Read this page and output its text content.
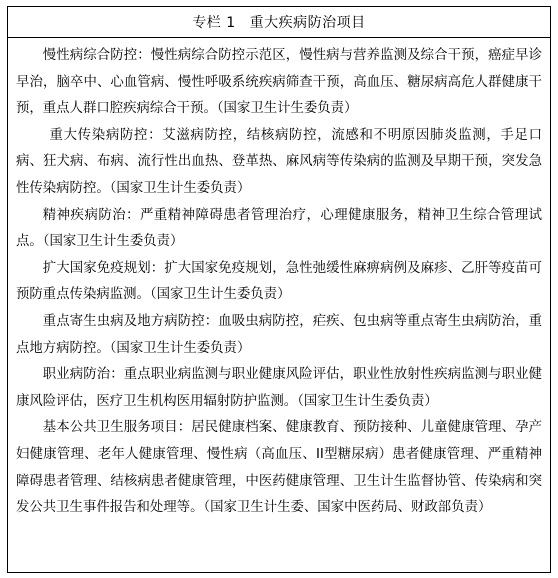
专栏 1 重大疾病防治项目

慢性病综合防控：慢性病综合防控示范区，慢性病与营养监测及综合干预，癌症早诊早治，脑卒中、心血管病、慢性呼吸系统疾病筛查干预，高血压、糖尿病高危人群健康干预，重点人群口腔疾病综合干预。（国家卫生计生委负责）

重大传染病防控：艾滋病防控，结核病防控，流感和不明原因肺炎监测，手足口病、狂犬病、布病、流行性出血热、登革热、麻风病等传染病的监测及早期干预，突发急性传染病防控。（国家卫生计生委负责）

精神疾病防治：严重精神障碍患者管理治疗，心理健康服务，精神卫生综合管理试点。（国家卫生计生委负责）

扩大国家免疫规划：扩大国家免疫规划，急性弛缓性麻痹病例及麻疹、乙肝等疫苗可预防重点传染病监测。（国家卫生计生委负责）

重点寄生虫病及地方病防控：血吸虫病防控，疟疾、包虫病等重点寄生虫病防治，重点地方病防控。（国家卫生计生委负责）

职业病防治：重点职业病监测与职业健康风险评估，职业性放射性疾病监测与职业健康风险评估，医疗卫生机构医用辐射防护监测。（国家卫生计生委负责）

基本公共卫生服务项目：居民健康档案、健康教育、预防接种、儿童健康管理、孕产妇健康管理、老年人健康管理、慢性病（高血压、II型糖尿病）患者健康管理、严重精神障碍患者管理、结核病患者健康管理，中医药健康管理、卫生计生监督协管、传染病和突发公共卫生事件报告和处理等。（国家卫生计生委、国家中医药局、财政部负责）
